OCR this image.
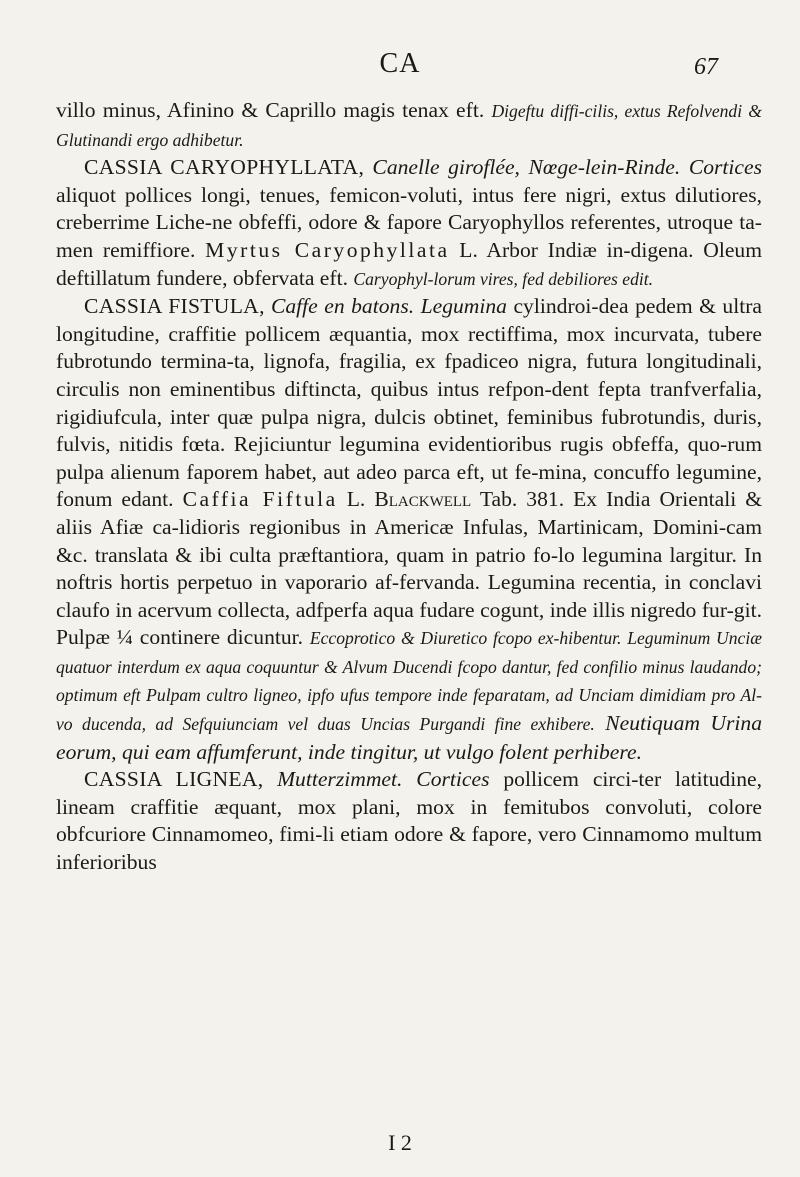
CA	67

villo minus, Afinino & Caprillo magis tenax eft. Digeftu diffi-cilis, extus Refolvendi & Glutinandi ergo adhibetur.

CASSIA CARYOPHYLLATA, Canelle giroflée, Nœge-lein-Rinde. Cortices aliquot pollices longi, tenues, femicon-voluti, intus fere nigri, extus dilutiores, creberrime Liche-ne obfeffi, odore & fapore Caryophyllos referentes, utroque ta-men remiffiore. Myrtus Caryophyllata L. Arbor Indiæ in-digena. Oleum deftillatum fundere, obfervata eft. Caryophyl-lorum vires, fed debiliores edit.

CASSIA FISTULA, Caffe en batons. Legumina cylindroi-dea pedem & ultra longitudine, craffitie pollicem æquantia, mox rectiffima, mox incurvata, tubere fubrotundo termina-ta, lignofa, fragilia, ex fpadiceo nigra, futura longitudinali, circulis non eminentibus diftincta, quibus intus refpon-dent fepta tranfverfalia, rigidiufcula, inter quæ pulpa nigra, dulcis obtinet, feminibus fubrotundis, duris, fulvis, nitidis fœta. Rejiciuntur legumina evidentioribus rugis obfeffa, quo-rum pulpa alienum faporem habet, aut adeo parca eft, ut fe-mina, concuffo legumine, fonum edant. Caffia Fiftula L. Blackwell Tab. 381. Ex India Orientali & aliis Afiæ ca-lidioris regionibus in Americæ Infulas, Martinicam, Domini-cam &c. translata & ibi culta præftantiora, quam in patrio fo-lo legumina largitur. In noftris hortis perpetuo in vaporario af-fervanda. Legumina recentia, in conclavi claufo in acervum collecta, adfperfa aqua fudare cogunt, inde illis nigredo fur-git. Pulpæ ¼ continere dicuntur. Eccoprotico & Diuretico fcopo ex-hibentur. Leguminum Unciæ quatuor interdum ex aqua coquuntur & Alvum Ducendi fcopo dantur, fed confilio minus laudando; optimum eft Pulpam cultro ligneo, ipfo ufus tempore inde feparatam, ad Unciam dimidiam pro Al-vo ducenda, ad Sefquiunciam vel duas Uncias Purgandi fine exhibere. Neutiquam Urina eorum, qui eam affumferunt, inde tingitur, ut vulgo folent perhibere.

CASSIA LIGNEA, Mutterzimmet. Cortices pollicem circi-ter latitudine, lineam craffitie æquant, mox plani, mox in femitubos convoluti, colore obfcuriore Cinnamomeo, fimi-li etiam odore & fapore, vero Cinnamomo multum inferioribus

I 2
